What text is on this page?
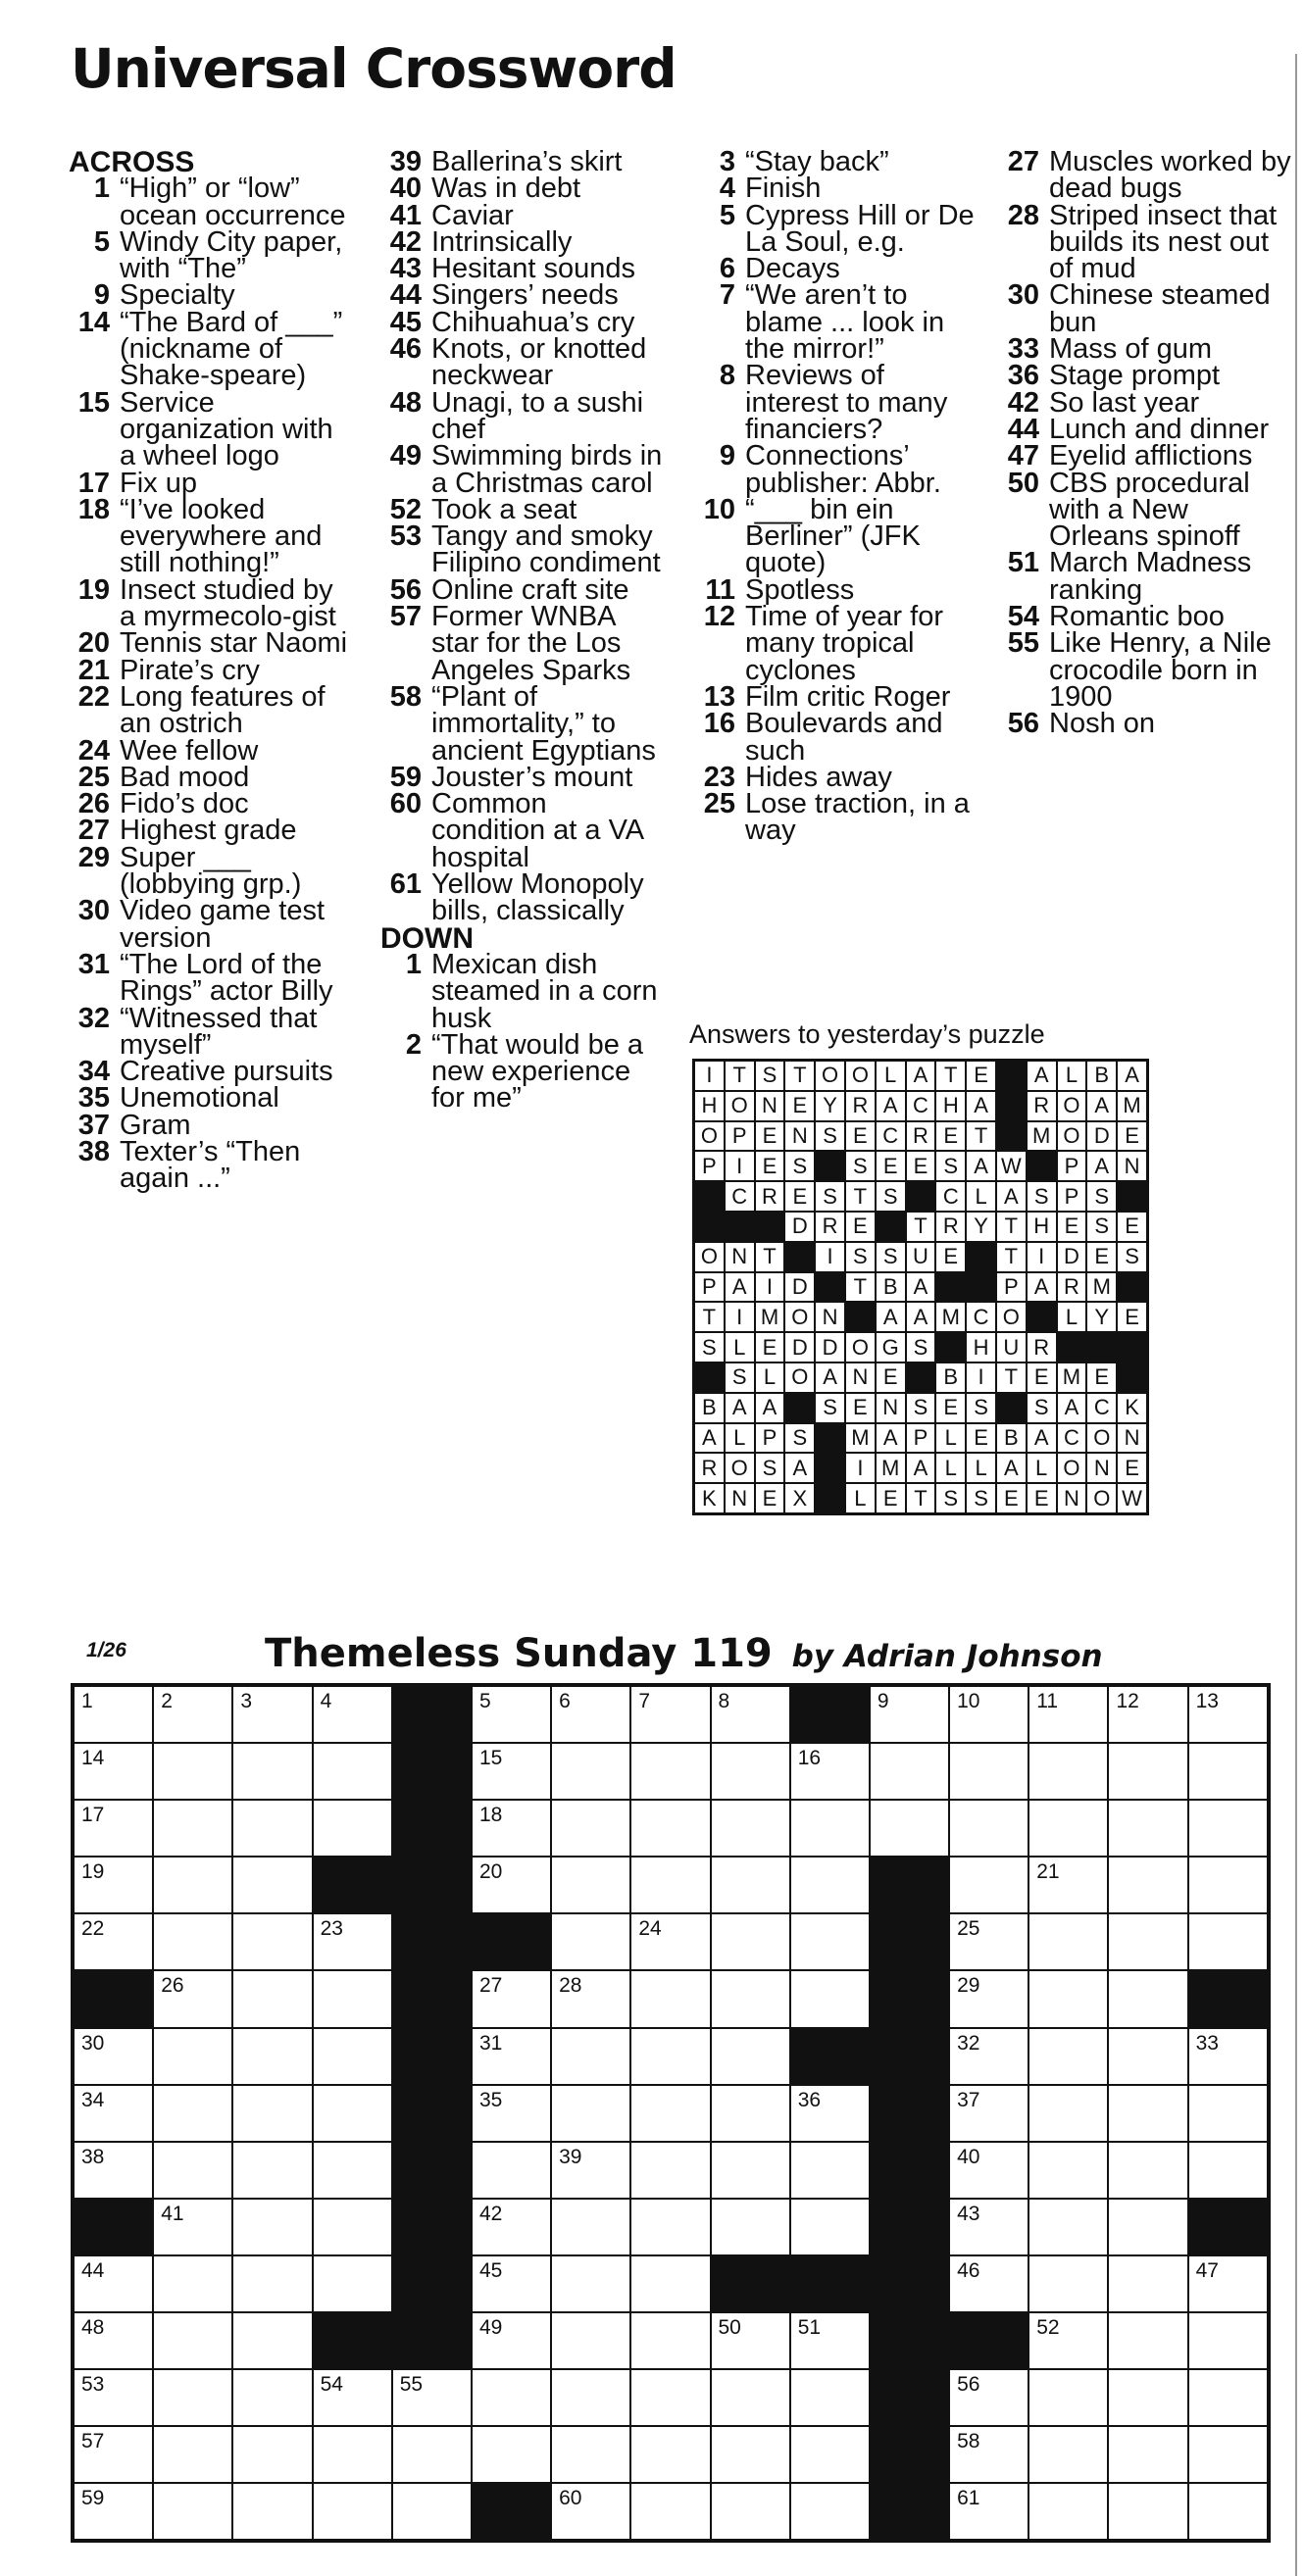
Universal Crossword
ACROSS
1 “High” or “low” ocean occurrence
5 Windy City paper, with “The”
9 Specialty
14 “The Bard of ___” (nickname of Shake-speare)
15 Service organization with a wheel logo
17 Fix up
18 “I’ve looked everywhere and still nothing!”
19 Insect studied by a myrmecolo-gist
20 Tennis star Naomi
21 Pirate’s cry
22 Long features of an ostrich
24 Wee fellow
25 Bad mood
26 Fido’s doc
27 Highest grade
29 Super ___ (lobbying grp.)
30 Video game test version
31 “The Lord of the Rings” actor Billy
32 “Witnessed that myself”
34 Creative pursuits
35 Unemotional
37 Gram
38 Texter’s “Then again ...”
39 Ballerina’s skirt
40 Was in debt
41 Caviar
42 Intrinsically
43 Hesitant sounds
44 Singers’ needs
45 Chihuahua’s cry
46 Knots, or knotted neckwear
48 Unagi, to a sushi chef
49 Swimming birds in a Christmas carol
52 Took a seat
53 Tangy and smoky Filipino condiment
56 Online craft site
57 Former WNBA star for the Los Angeles Sparks
58 “Plant of immortality,” to ancient Egyptians
59 Jouster’s mount
60 Common condition at a VA hospital
61 Yellow Monopoly bills, classically
DOWN
1 Mexican dish steamed in a corn husk
2 “That would be a new experience for me”
3 “Stay back”
4 Finish
5 Cypress Hill or De La Soul, e.g.
6 Decays
7 “We aren’t to blame ... look in the mirror!”
8 Reviews of interest to many financiers?
9 Connections’ publisher: Abbr.
10 “___ bin ein Berliner” (JFK quote)
11 Spotless
12 Time of year for many tropical cyclones
13 Film critic Roger
16 Boulevards and such
23 Hides away
25 Lose traction, in a way
27 Muscles worked by dead bugs
28 Striped insect that builds its nest out of mud
30 Chinese steamed bun
33 Mass of gum
36 Stage prompt
42 So last year
44 Lunch and dinner
47 Eyelid afflictions
50 CBS procedural with a New Orleans spinoff
51 March Madness ranking
54 Romantic boo
55 Like Henry, a Nile crocodile born in 1900
56 Nosh on

Answers to yesterday’s puzzle

I T S T O O L A T E	A L B A
H O N E Y R A C H A	R O A M
O P E N S E C R E T	M O D E
P I E S	S E E S A W	P A N
C R E S T S	C L A S P S
D R E	T R Y T H E S E
O N T	I S S U E	T I D E S
P A I D	T B A	P A R M
T I M O N	A A M C O	L Y E
S L E D D O G S	H U R
S L O A N E	B I T E M E
B A A	S E N S E S	S A C K
A L P S	M A P L E B A C O N
R O S A	I M A L L A L O N E
K N E X	L E T S S E E N O W
1/26	Themeless Sunday 119 by Adrian Johnson
1	2	3	4	5	6	7	8	9	10	11	12	13
14	15	16
17	18
19	20	21
22	23	24	25
26	27	28	29
30	31	32	33
34	35	36	37
38	39	40
41	42	43
44	45	46	47
48	49	50	51	52
53	54	55	56
57	58
59	60	61
